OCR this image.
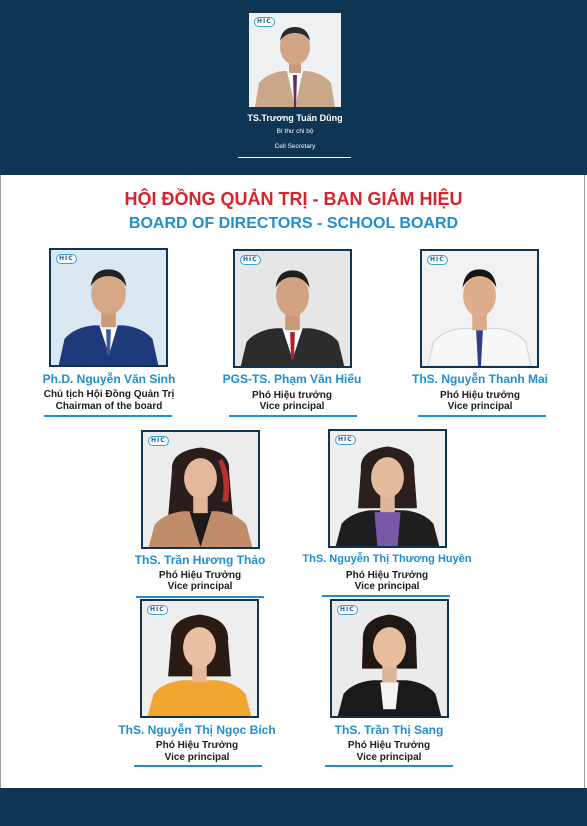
HIC
TS.Trương Tuấn Dũng
Bí thư chi bộ
Cell Secretary
HỘI ĐỒNG QUẢN TRỊ - BAN GIÁM HIỆU
BOARD OF DIRECTORS - SCHOOL BOARD
HIC
Ph.D. Nguyễn Văn Sinh
Chủ tịch Hội Đồng Quản Trị
Chairman of the board
HIC
PGS-TS. Phạm Văn Hiếu
Phó Hiệu trưởng
Vice principal
HIC
ThS. Nguyễn Thanh Mai
Phó Hiệu trưởng
Vice principal
HIC
ThS. Trần Hương Thảo
Phó Hiệu Trưởng
Vice principal
HIC
ThS. Nguyễn Thị Thương Huyền
Phó Hiệu Trưởng
Vice principal
HIC
ThS. Nguyễn Thị Ngọc Bích
Phó Hiệu Trưởng
Vice principal
HIC
ThS. Trần Thị Sang
Phó Hiệu Trưởng
Vice principal
